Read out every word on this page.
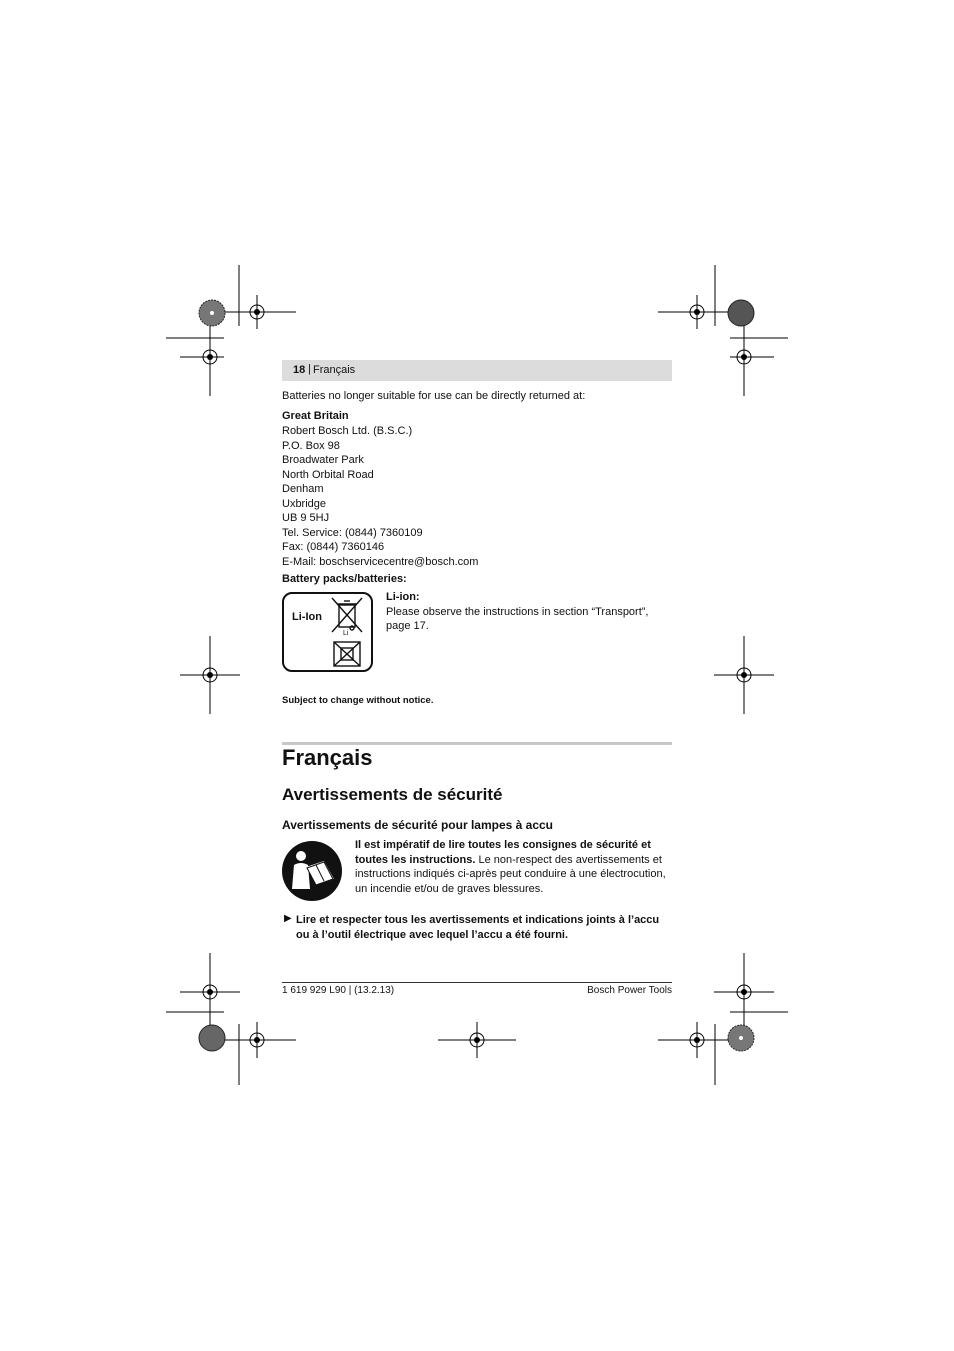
18 | Français
Batteries no longer suitable for use can be directly returned at:
Great Britain
Robert Bosch Ltd. (B.S.C.)
P.O. Box 98
Broadwater Park
North Orbital Road
Denham
Uxbridge
UB 9 5HJ
Tel. Service: (0844) 7360109
Fax: (0844) 7360146
E-Mail: boschservicecentre@bosch.com
Battery packs/batteries:
Li-Ion
Li
Li-ion:
Please observe the instructions in section “Transport”, page 17.
Subject to change without notice.
Français
Avertissements de sécurité
Avertissements de sécurité pour lampes à accu
Il est impératif de lire toutes les consignes de sécurité et toutes les instructions. Le non-respect des avertissements et instructions indiqués ci-après peut conduire à une électrocution, un incendie et/ou de graves blessures.
▶ Lire et respecter tous les avertissements et indications joints à l’accu ou à l’outil électrique avec lequel l’accu a été fourni.
1 619 929 L90 | (13.2.13)	Bosch Power Tools
